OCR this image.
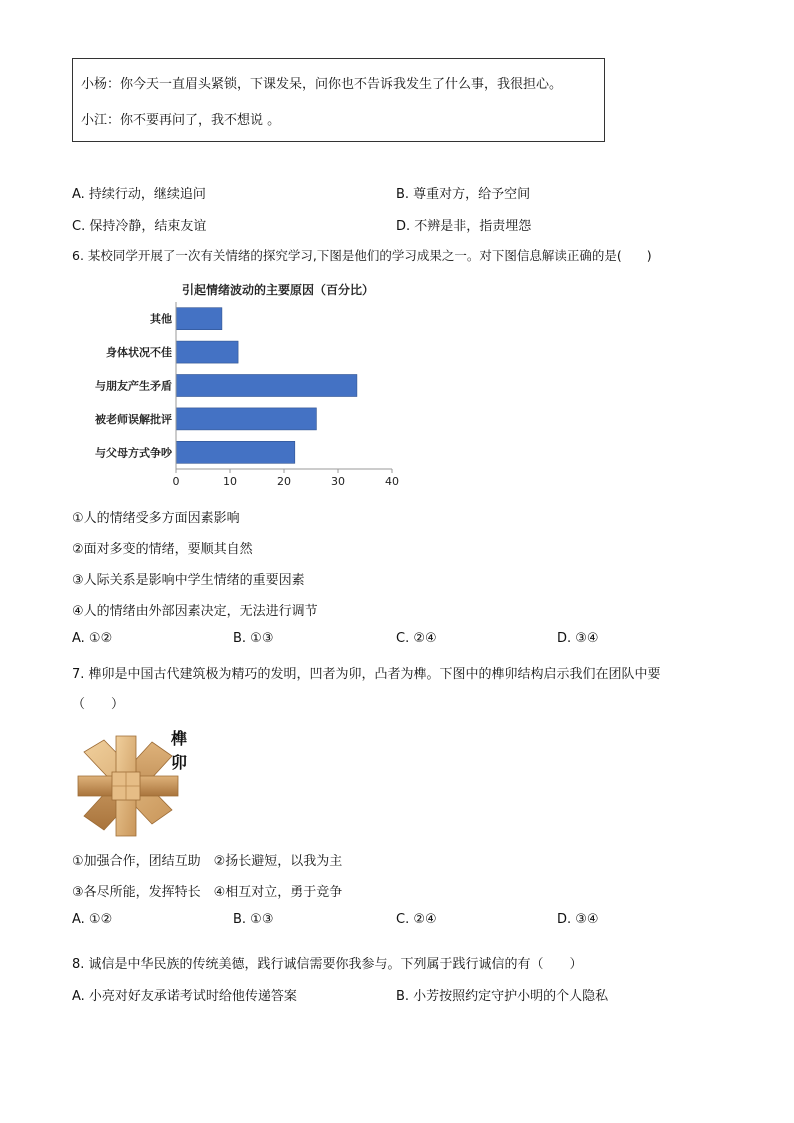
小杨：你今天一直眉头紧锁，下课发呆，问你也不告诉我发生了什么事，我很担心。
小江：你不要再问了，我不想说 。
A. 持续行动，继续追问	B. 尊重对方，给予空间
C. 保持冷静，结束友谊	D. 不辨是非，指责埋怨
6. 某校同学开展了一次有关情绪的探究学习,下图是他们的学习成果之一。对下图信息解读正确的是(　　)
引起情绪波动的主要原因（百分比）
其他
身体状况不佳
与朋友产生矛盾
被老师误解批评
与父母方式争吵
0	10	20	30	40
①人的情绪受多方面因素影响
②面对多变的情绪，要顺其自然
③人际关系是影响中学生情绪的重要因素
④人的情绪由外部因素决定，无法进行调节
A. ①②	B. ①③	C. ②④	D. ③④
7. 榫卯是中国古代建筑极为精巧的发明，凹者为卯，凸者为榫。下图中的榫卯结构启示我们在团队中要
（　　）
榫
卯
①加强合作，团结互助　②扬长避短，以我为主
③各尽所能，发挥特长　④相互对立，勇于竞争
A. ①②	B. ①③	C. ②④	D. ③④
8. 诚信是中华民族的传统美德，践行诚信需要你我参与。下列属于践行诚信的有（　　）
A. 小亮对好友承诺考试时给他传递答案	B. 小芳按照约定守护小明的个人隐私
